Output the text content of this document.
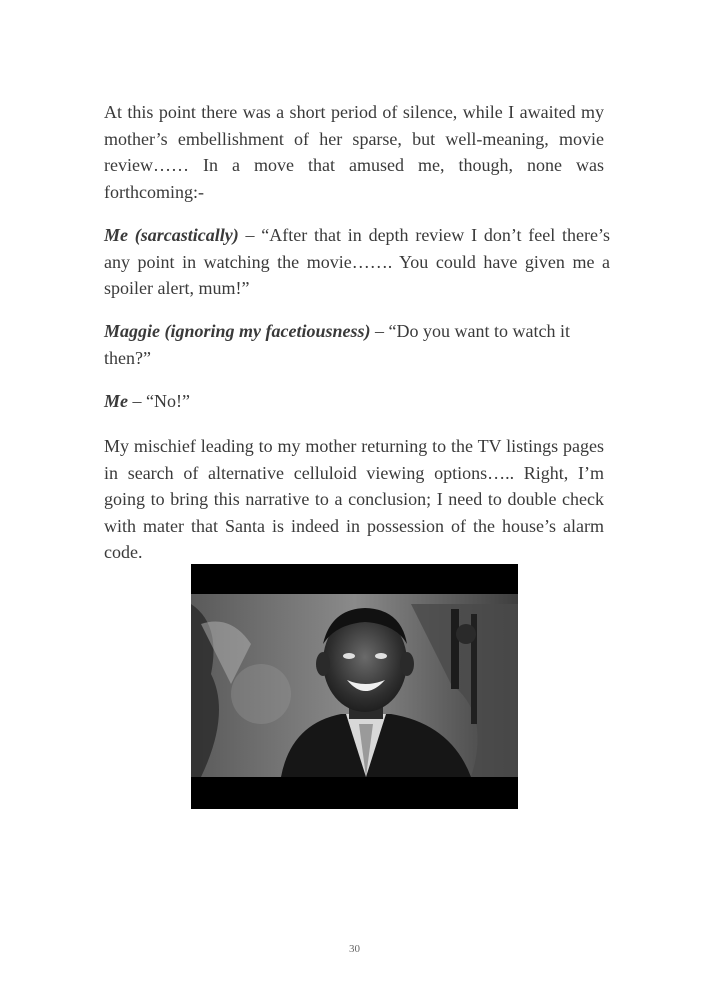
At this point there was a short period of silence, while I awaited my mother’s embellishment of her sparse, but well-meaning, movie review…… In a move that amused me, though, none was forthcoming:-

Me (sarcastically) – “After that in depth review I don’t feel there’s any point in watching the movie……. You could have given me a spoiler alert, mum!”

Maggie (ignoring my facetiousness) – “Do you want to watch it then?”

Me – “No!”

My mischief leading to my mother returning to the TV listings pages in search of alternative celluloid viewing options….. Right, I’m going to bring this narrative to a conclusion; I need to double check with mater that Santa is indeed in possession of the house’s alarm code.

30
